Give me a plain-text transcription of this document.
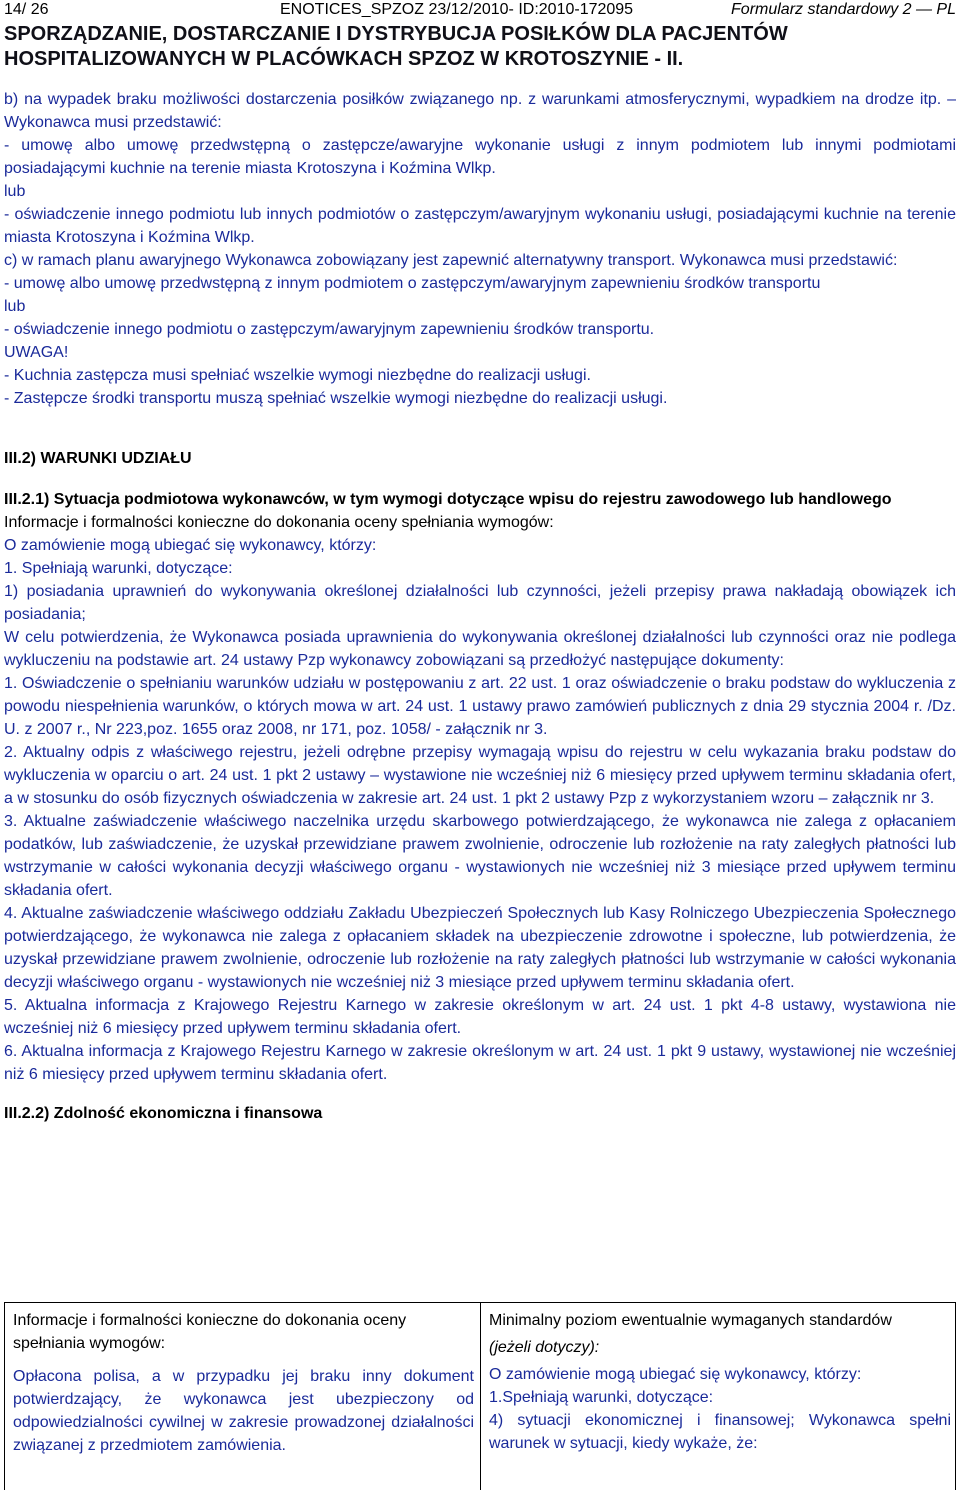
14/ 26	ENOTICES_SPZOZ 23/12/2010- ID:2010-172095	Formularz standardowy 2 — PL
SPORZĄDZANIE, DOSTARCZANIE I DYSTRYBUCJA POSIŁKÓW DLA PACJENTÓW
HOSPITALIZOWANYCH W PLACÓWKACH SPZOZ W KROTOSZYNIE - II.

b) na wypadek braku możliwości dostarczenia posiłków związanego np. z warunkami atmosferycznymi, wypadkiem na drodze itp. – Wykonawca musi przedstawić:

- umowę albo umowę przedwstępną o zastępcze/awaryjne wykonanie usługi z innym podmiotem lub innymi podmiotami posiadającymi kuchnie na terenie miasta Krotoszyna i Koźmina Wlkp.

lub

- oświadczenie innego podmiotu lub innych podmiotów o zastępczym/awaryjnym wykonaniu usługi, posiadającymi kuchnie na terenie miasta Krotoszyna i Koźmina Wlkp.

c) w ramach planu awaryjnego Wykonawca zobowiązany jest zapewnić alternatywny transport. Wykonawca musi przedstawić:

- umowę albo umowę przedwstępną z innym podmiotem o zastępczym/awaryjnym zapewnieniu środków transportu

lub

- oświadczenie innego podmiotu o zastępczym/awaryjnym zapewnieniu środków transportu.

UWAGA!

- Kuchnia zastępcza musi spełniać wszelkie wymogi niezbędne do realizacji usługi.

- Zastępcze środki transportu muszą spełniać wszelkie wymogi niezbędne do realizacji usługi.

III.2) WARUNKI UDZIAŁU

III.2.1) Sytuacja podmiotowa wykonawców, w tym wymogi dotyczące wpisu do rejestru zawodowego lub handlowego

Informacje i formalności konieczne do dokonania oceny spełniania wymogów:

O zamówienie mogą ubiegać się wykonawcy, którzy:

1. Spełniają warunki, dotyczące:

1) posiadania uprawnień do wykonywania określonej działalności lub czynności, jeżeli przepisy prawa nakładają obowiązek ich posiadania;

W celu potwierdzenia, że Wykonawca posiada uprawnienia do wykonywania określonej działalności lub czynności oraz nie podlega wykluczeniu na podstawie art. 24 ustawy Pzp wykonawcy zobowiązani są przedłożyć następujące dokumenty:

1. Oświadczenie o spełnianiu warunków udziału w postępowaniu z art. 22 ust. 1 oraz oświadczenie o braku podstaw do wykluczenia z powodu niespełnienia warunków, o których mowa w art. 24 ust. 1 ustawy prawo zamówień publicznych z dnia 29 stycznia 2004 r. /Dz. U. z 2007 r., Nr 223,poz. 1655 oraz 2008, nr 171, poz. 1058/ - załącznik nr 3.

2. Aktualny odpis z właściwego rejestru, jeżeli odrębne przepisy wymagają wpisu do rejestru w celu wykazania braku podstaw do wykluczenia w oparciu o art. 24 ust. 1 pkt 2 ustawy – wystawione nie wcześniej niż 6 miesięcy przed upływem terminu składania ofert, a w stosunku do osób fizycznych oświadczenia w zakresie art. 24 ust. 1 pkt 2 ustawy Pzp z wykorzystaniem wzoru – załącznik nr 3.

3. Aktualne zaświadczenie właściwego naczelnika urzędu skarbowego potwierdzającego, że wykonawca nie zalega z opłacaniem podatków, lub zaświadczenie, że uzyskał przewidziane prawem zwolnienie, odroczenie lub rozłożenie na raty zaległych płatności lub wstrzymanie w całości wykonania decyzji właściwego organu - wystawionych nie wcześniej niż 3 miesiące przed upływem terminu składania ofert.

4. Aktualne zaświadczenie właściwego oddziału Zakładu Ubezpieczeń Społecznych lub Kasy Rolniczego Ubezpieczenia Społecznego potwierdzającego, że wykonawca nie zalega z opłacaniem składek na ubezpieczenie zdrowotne i społeczne, lub potwierdzenia, że uzyskał przewidziane prawem zwolnienie, odroczenie lub rozłożenie na raty zaległych płatności lub wstrzymanie w całości wykonania decyzji właściwego organu - wystawionych nie wcześniej niż 3 miesiące przed upływem terminu składania ofert.

5. Aktualna informacja z Krajowego Rejestru Karnego w zakresie określonym w art. 24 ust. 1 pkt 4-8 ustawy, wystawiona nie wcześniej niż 6 miesięcy przed upływem terminu składania ofert.

6. Aktualna informacja z Krajowego Rejestru Karnego w zakresie określonym w art. 24 ust. 1 pkt 9 ustawy, wystawionej nie wcześniej niż 6 miesięcy przed upływem terminu składania ofert.

III.2.2) Zdolność ekonomiczna i finansowa

Informacje i formalności konieczne do dokonania oceny spełniania wymogów:

Opłacona polisa, a w przypadku jej braku inny dokument potwierdzający, że wykonawca jest ubezpieczony od odpowiedzialności cywilnej w zakresie prowadzonej działalności związanej z przedmiotem zamówienia.

Minimalny poziom ewentualnie wymaganych standardów

(jeżeli dotyczy):

O zamówienie mogą ubiegać się wykonawcy, którzy:

1.Spełniają warunki, dotyczące:

4) sytuacji ekonomicznej i finansowej; Wykonawca spełni warunek w sytuacji, kiedy wykaże, że:
